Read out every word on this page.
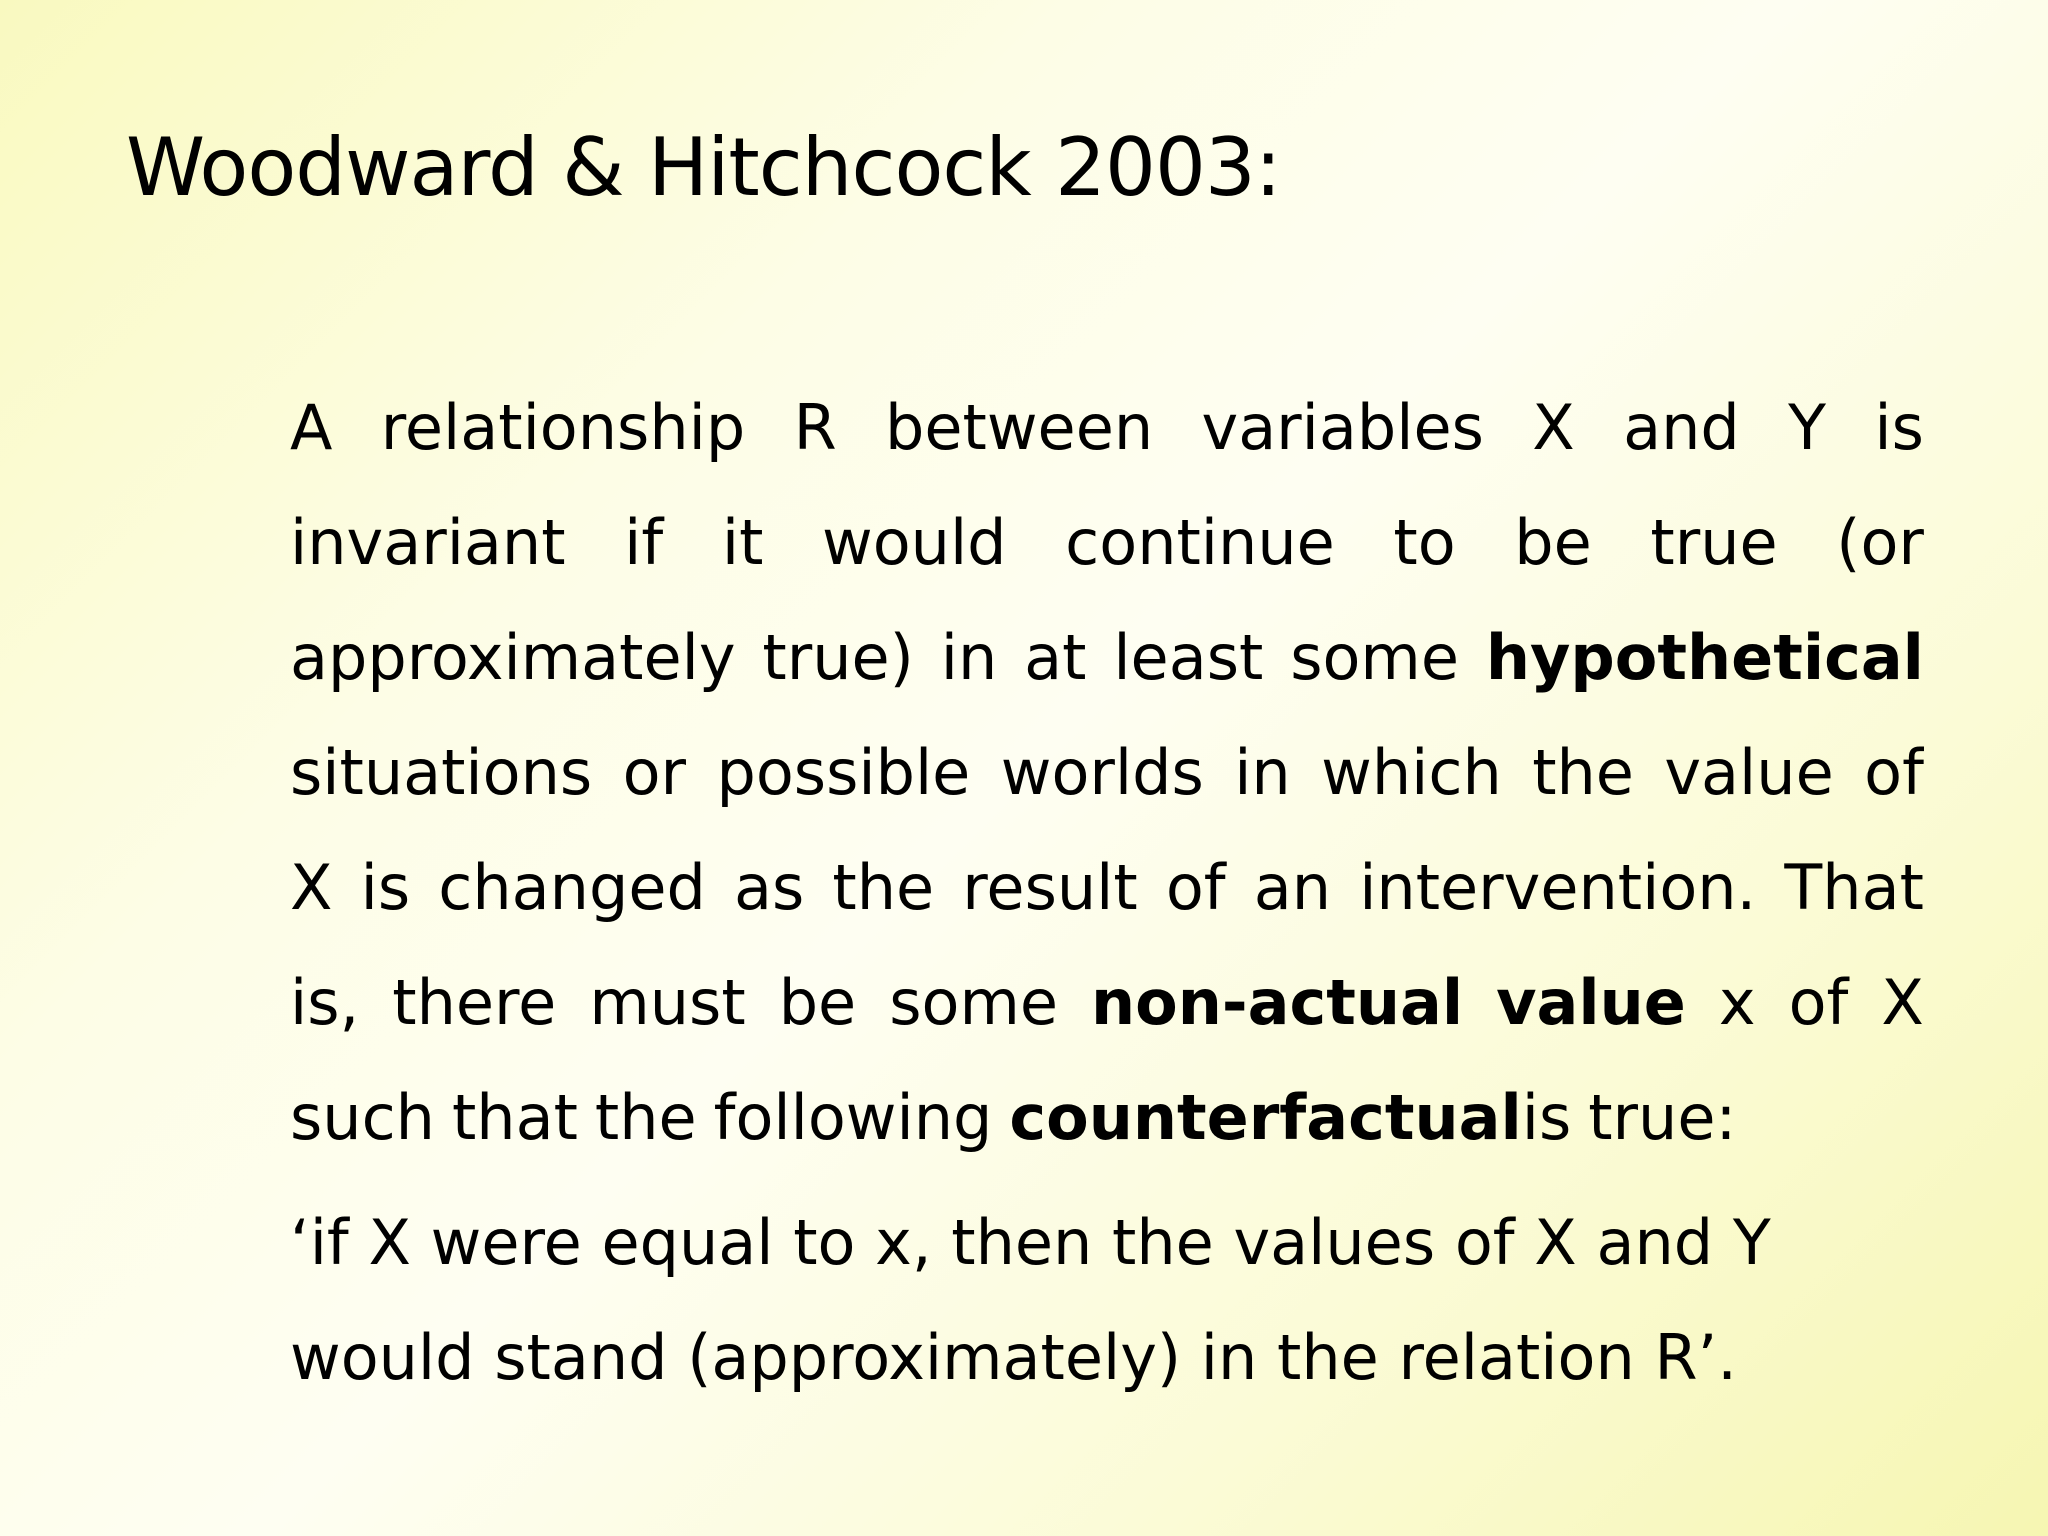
Woodward & Hitchcock 2003:
A relationship R between variables X and Y is
invariant if it would continue to be true (or
approximately true) in at least some hypothetical
situations or possible worlds in which the value of
X is changed as the result of an intervention. That
is, there must be some non-actual value x of X
such that the following counterfactualis true:
‘if X were equal to x, then the values of X and Y
would stand (approximately) in the relation R’.
